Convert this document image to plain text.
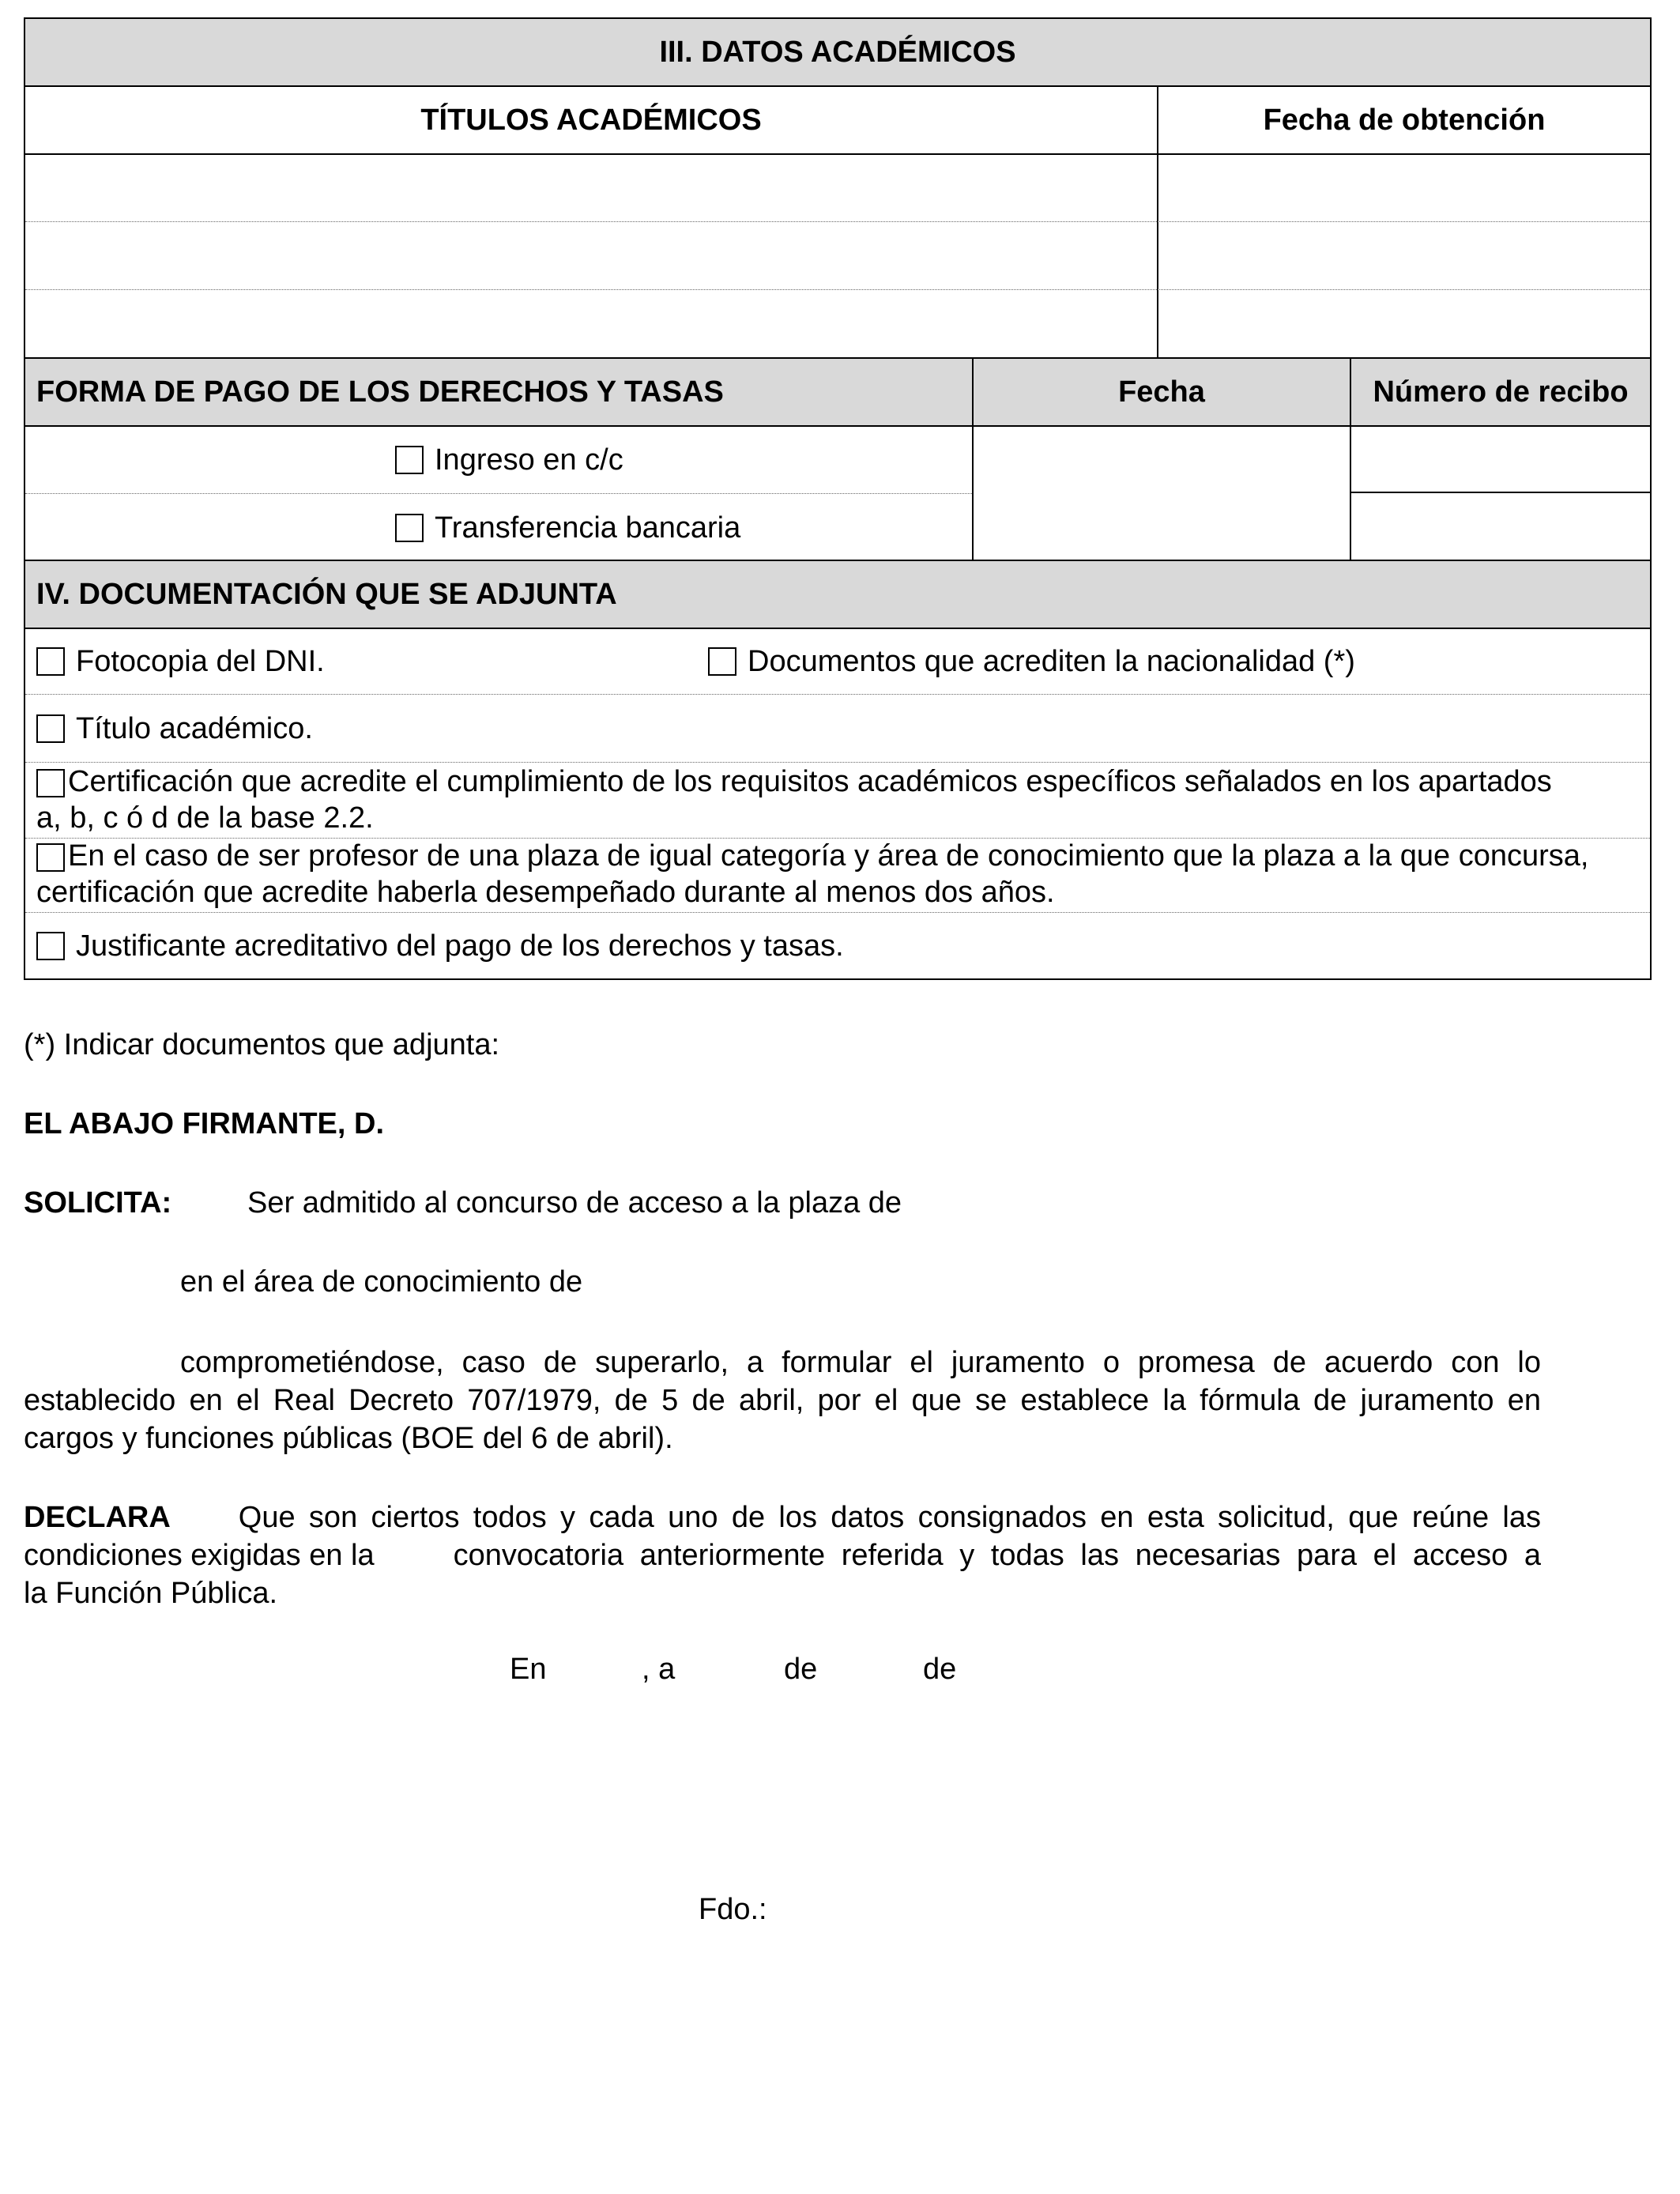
III. DATOS ACADÉMICOS
TÍTULOS ACADÉMICOS	Fecha de obtención
FORMA DE PAGO DE LOS DERECHOS Y TASAS	Fecha	Número de recibo
Ingreso en c/c
Transferencia bancaria
IV. DOCUMENTACIÓN QUE SE ADJUNTA
Fotocopia del DNI.	Documentos que acrediten la nacionalidad (*)
Título académico.
Certificación que acredite el cumplimiento de los requisitos académicos específicos señalados en los apartados
a, b, c ó d de la base 2.2.
En el caso de ser profesor de una plaza de igual categoría y área de conocimiento que la plaza a la que concursa,
certificación que acredite haberla desempeñado durante al menos dos años.
Justificante acreditativo del pago de los derechos y tasas.
(*) Indicar documentos que adjunta:
EL ABAJO FIRMANTE, D.
SOLICITA:	Ser admitido al concurso de acceso a la plaza de
en el área de conocimiento de
comprometiéndose, caso de superarlo, a formular el juramento o promesa de acuerdo con lo
establecido en el Real Decreto 707/1979, de 5 de abril, por el que se establece la fórmula de juramento en
cargos y funciones públicas (BOE del 6 de abril).
DECLARA Que son ciertos todos y cada uno de los datos consignados en esta solicitud, que reúne las
condiciones exigidas en la	convocatoria anteriormente referida y todas las necesarias para el acceso a
la Función Pública.
En	, a	de	de
Fdo.:
